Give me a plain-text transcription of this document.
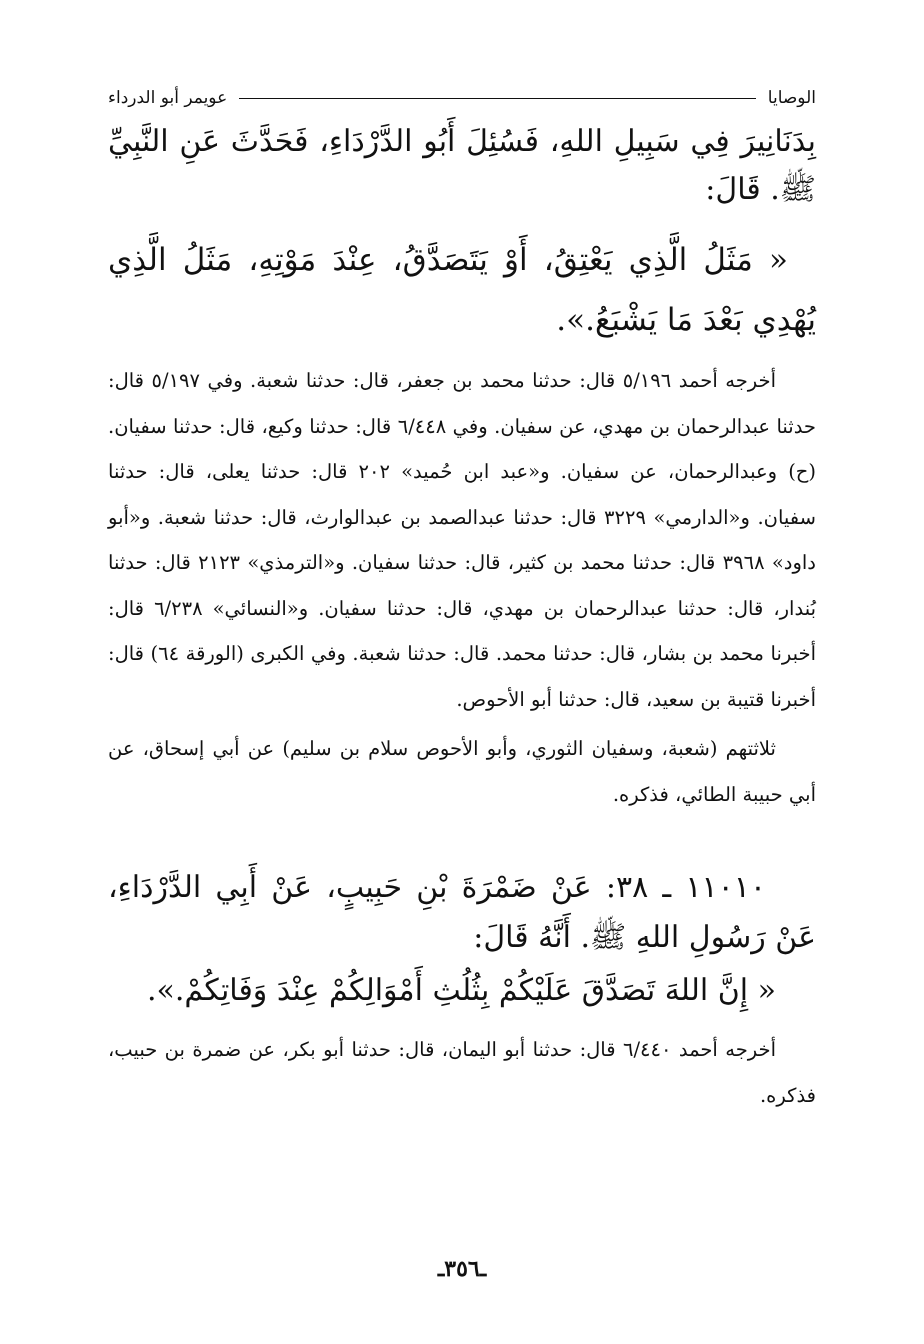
الوصايا
عويمر أبو الدرداء

بِدَنَانِيرَ فِي سَبِيلِ اللهِ، فَسُئِلَ أَبُو الدَّرْدَاءِ، فَحَدَّثَ عَنِ النَّبِيِّ ﷺ. قَالَ:

« مَثَلُ الَّذِي يَعْتِقُ، أَوْ يَتَصَدَّقُ، عِنْدَ مَوْتِهِ، مَثَلُ الَّذِي يُهْدِي بَعْدَ مَا يَشْبَعُ.».

أخرجه أحمد ٥/١٩٦ قال: حدثنا محمد بن جعفر، قال: حدثنا شعبة. وفي ٥/١٩٧ قال: حدثنا عبدالرحمان بن مهدي، عن سفيان. وفي ٦/٤٤٨ قال: حدثنا وكيع، قال: حدثنا سفيان. (ح) وعبدالرحمان، عن سفيان. و«عبد ابن حُميد» ٢٠٢ قال: حدثنا يعلى، قال: حدثنا سفيان. و«الدارمي» ٣٢٢٩ قال: حدثنا عبدالصمد بن عبدالوارث، قال: حدثنا شعبة. و«أبو داود» ٣٩٦٨ قال: حدثنا محمد بن كثير، قال: حدثنا سفيان. و«الترمذي» ٢١٢٣ قال: حدثنا بُندار، قال: حدثنا عبدالرحمان بن مهدي، قال: حدثنا سفيان. و«النسائي» ٦/٢٣٨ قال: أخبرنا محمد بن بشار، قال: حدثنا محمد. قال: حدثنا شعبة. وفي الكبرى (الورقة ٦٤) قال: أخبرنا قتيبة بن سعيد، قال: حدثنا أبو الأحوص.

ثلاثتهم (شعبة، وسفيان الثوري، وأبو الأحوص سلام بن سليم) عن أبي إسحاق، عن أبي حبيبة الطائي، فذكره.

١١٠١٠ ـ ٣٨: عَنْ ضَمْرَةَ بْنِ حَبِيبٍ، عَنْ أَبِي الدَّرْدَاءِ، عَنْ رَسُولِ اللهِ ﷺ. أَنَّهُ قَالَ:

« إِنَّ اللهَ تَصَدَّقَ عَلَيْكُمْ بِثُلُثِ أَمْوَالِكُمْ عِنْدَ وَفَاتِكُمْ.».

أخرجه أحمد ٦/٤٤٠ قال: حدثنا أبو اليمان، قال: حدثنا أبو بكر، عن ضمرة بن حبيب، فذكره.

ـ٣٥٦ـ
